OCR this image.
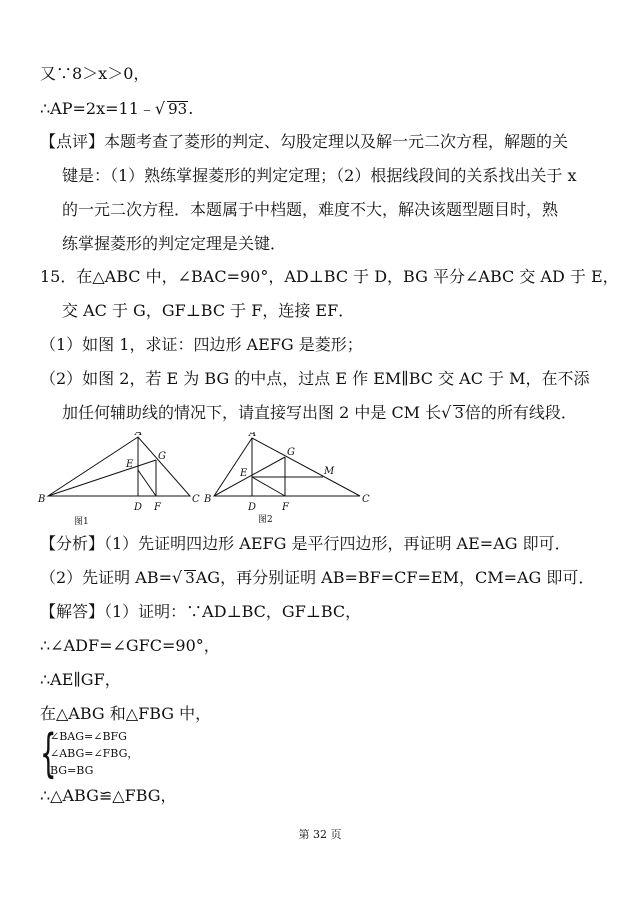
又∵8＞x＞0，
∴AP=2x=11﹣√ 93.
【点评】本题考查了菱形的判定、勾股定理以及解一元二次方程，解题的关
键是：（1）熟练掌握菱形的判定定理；（2）根据线段间的关系找出关于 x
的一元二次方程．本题属于中档题，难度不大，解决该题型题目时，熟
练掌握菱形的判定定理是关键．
15．在△ABC 中，∠BAC=90°，AD⊥BC 于 D，BG 平分∠ABC 交 AD 于 E，
交 AC 于 G，GF⊥BC 于 F，连接 EF．
（1）如图 1，求证：四边形 AEFG 是菱形；
（2）如图 2，若 E 为 BG 的中点，过点 E 作 EM∥BC 交 AC 于 M，在不添
加任何辅助线的情况下，请直接写出图 2 中是 CM 长√ 3倍的所有线段．
A
B	C
D
E
F
G
图1
A
B	C
D
E
F
G
M
图2
【分析】（1）先证明四边形 AEFG 是平行四边形，再证明 AE=AG 即可．
（2）先证明 AB=√ 3AG，再分别证明 AB=BF=CF=EM，CM=AG 即可．
【解答】（1）证明：∵AD⊥BC，GF⊥BC，
∴∠ADF=∠GFC=90°，
∴AE∥GF，
在△ABG 和△FBG 中，
{
∠BAG=∠BFG
∠ABG=∠FBG，
BG=BG
∴△ABG≌△FBG，
第 32 页
